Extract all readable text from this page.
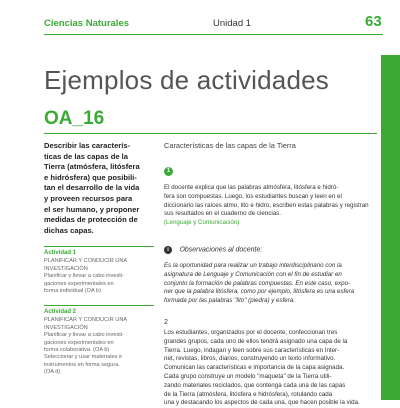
Ciencias Naturales	Unidad 1	63
Ejemplos de actividades
OA_16
Describir las caracterís-
ticas de las capas de la
Tierra (atmósfera, litósfera
e hidrósfera) que posibili-
tan el desarrollo de la vida
y proveen recursos para
el ser humano, y proponer
medidas de protección de
dichas capas.
Actividad 1
PLANIFICAR Y CONDUCIR UNA
INVESTIGACIÓN
Planificar y llevar a cabo investi-
gaciones experimentales en
forma individual (OA b)
Actividad 2
PLANIFICAR Y CONDUCIR UNA
INVESTIGACIÓN
Planificar y llevar a cabo investi-
gaciones experimentales en
forma colaborativa. (OA b)
Seleccionar y usar materiales e
instrumentos en forma segura.
(OA d)
Características de las capas de la Tierra
1
El docente explica que las palabras atmósfera, litósfera e hidró-
fera son compuestas. Luego, los estudiantes buscan y leen en el
diccionario las raíces atmo, lito e hidro, escriben estas palabras y registran
sus resultados en el cuaderno de ciencias.
(Lenguaje y Comunicación)
i Observaciones al docente:
Es la oportunidad para realizar un trabajo interdisciplinario con la
asignatura de Lenguaje y Comunicación con el fin de estudiar en
conjunto la formación de palabras compuestas. En este caso, expo-
ner que la palabra litósfera, como por ejemplo, litósfera es una esfera
formada por las palabras "lito" (piedra) y esfera.
2
Los estudiantes, organizados por el docente, confeccionan tres
grandes grupos, cada uno de ellos tendrá asignado una capa de la
Tierra. Luego, indagan y leen sobre sus características en Inter-
net, revistas, libros, diarios, construyendo un texto informativo.
Comunican las características e importancia de la capa asignada.
Cada grupo construye un modelo "maqueta" de la Tierra utili-
zando materiales reciclados, que contenga cada una de las capas
de la Tierra (atmósfera, litósfera e hidrósfera), rotulando cada
una y destacando los aspectos de cada una, que hacen posible la vida.
